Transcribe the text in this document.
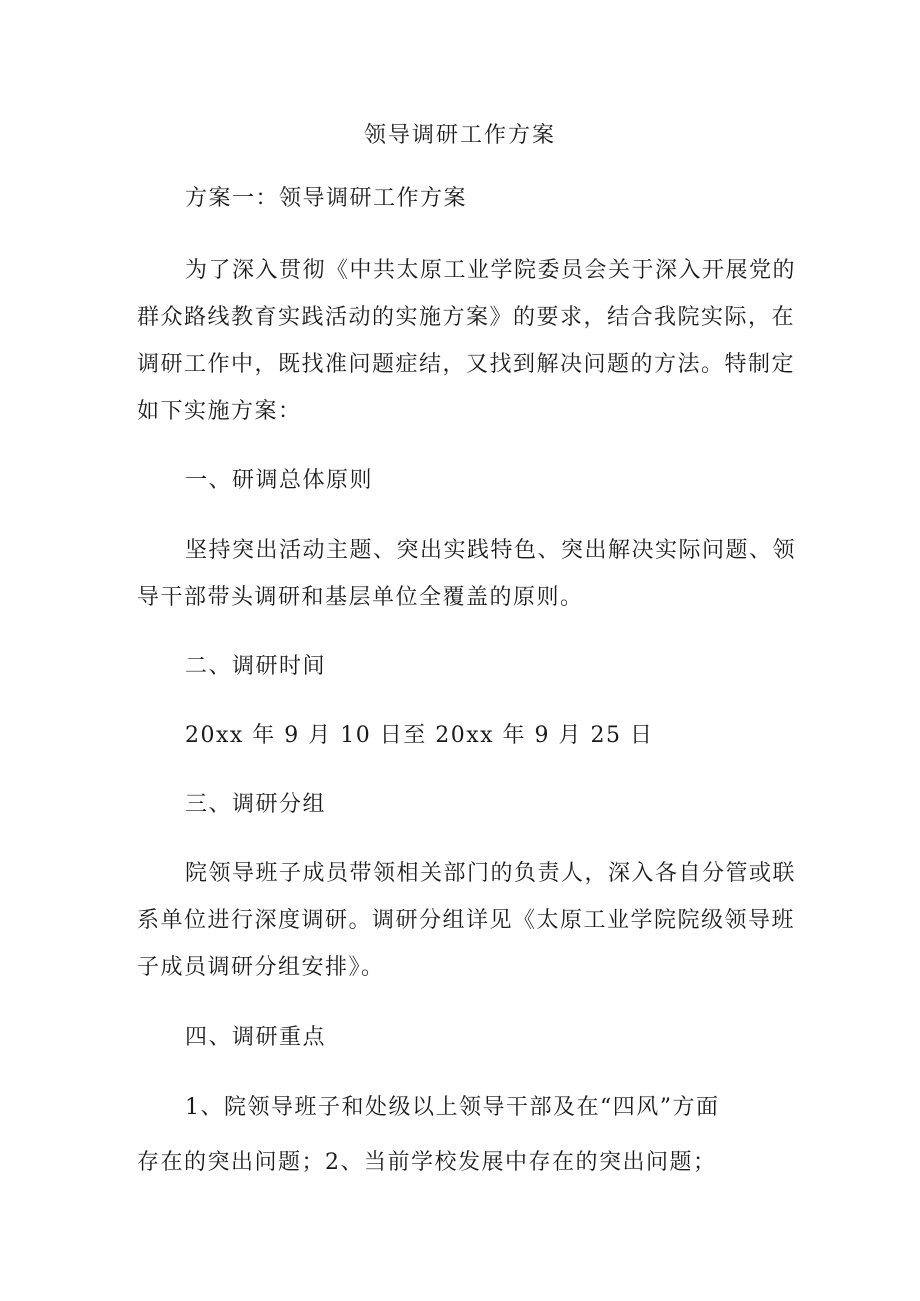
领导调研工作方案
方案一：领导调研工作方案
为了深入贯彻《中共太原工业学院委员会关于深入开展党的
群众路线教育实践活动的实施方案》的要求，结合我院实际，在
调研工作中，既找准问题症结，又找到解决问题的方法。特制定
如下实施方案：
一、研调总体原则
坚持突出活动主题、突出实践特色、突出解决实际问题、领
导干部带头调研和基层单位全覆盖的原则。
二、调研时间
20xx 年 9 月 10 日至 20xx 年 9 月 25 日
三、调研分组
院领导班子成员带领相关部门的负责人，深入各自分管或联
系单位进行深度调研。调研分组详见《太原工业学院院级领导班
子成员调研分组安排》。
四、调研重点
1、院领导班子和处级以上领导干部及在“四风”方面
存在的突出问题；2、当前学校发展中存在的突出问题；
